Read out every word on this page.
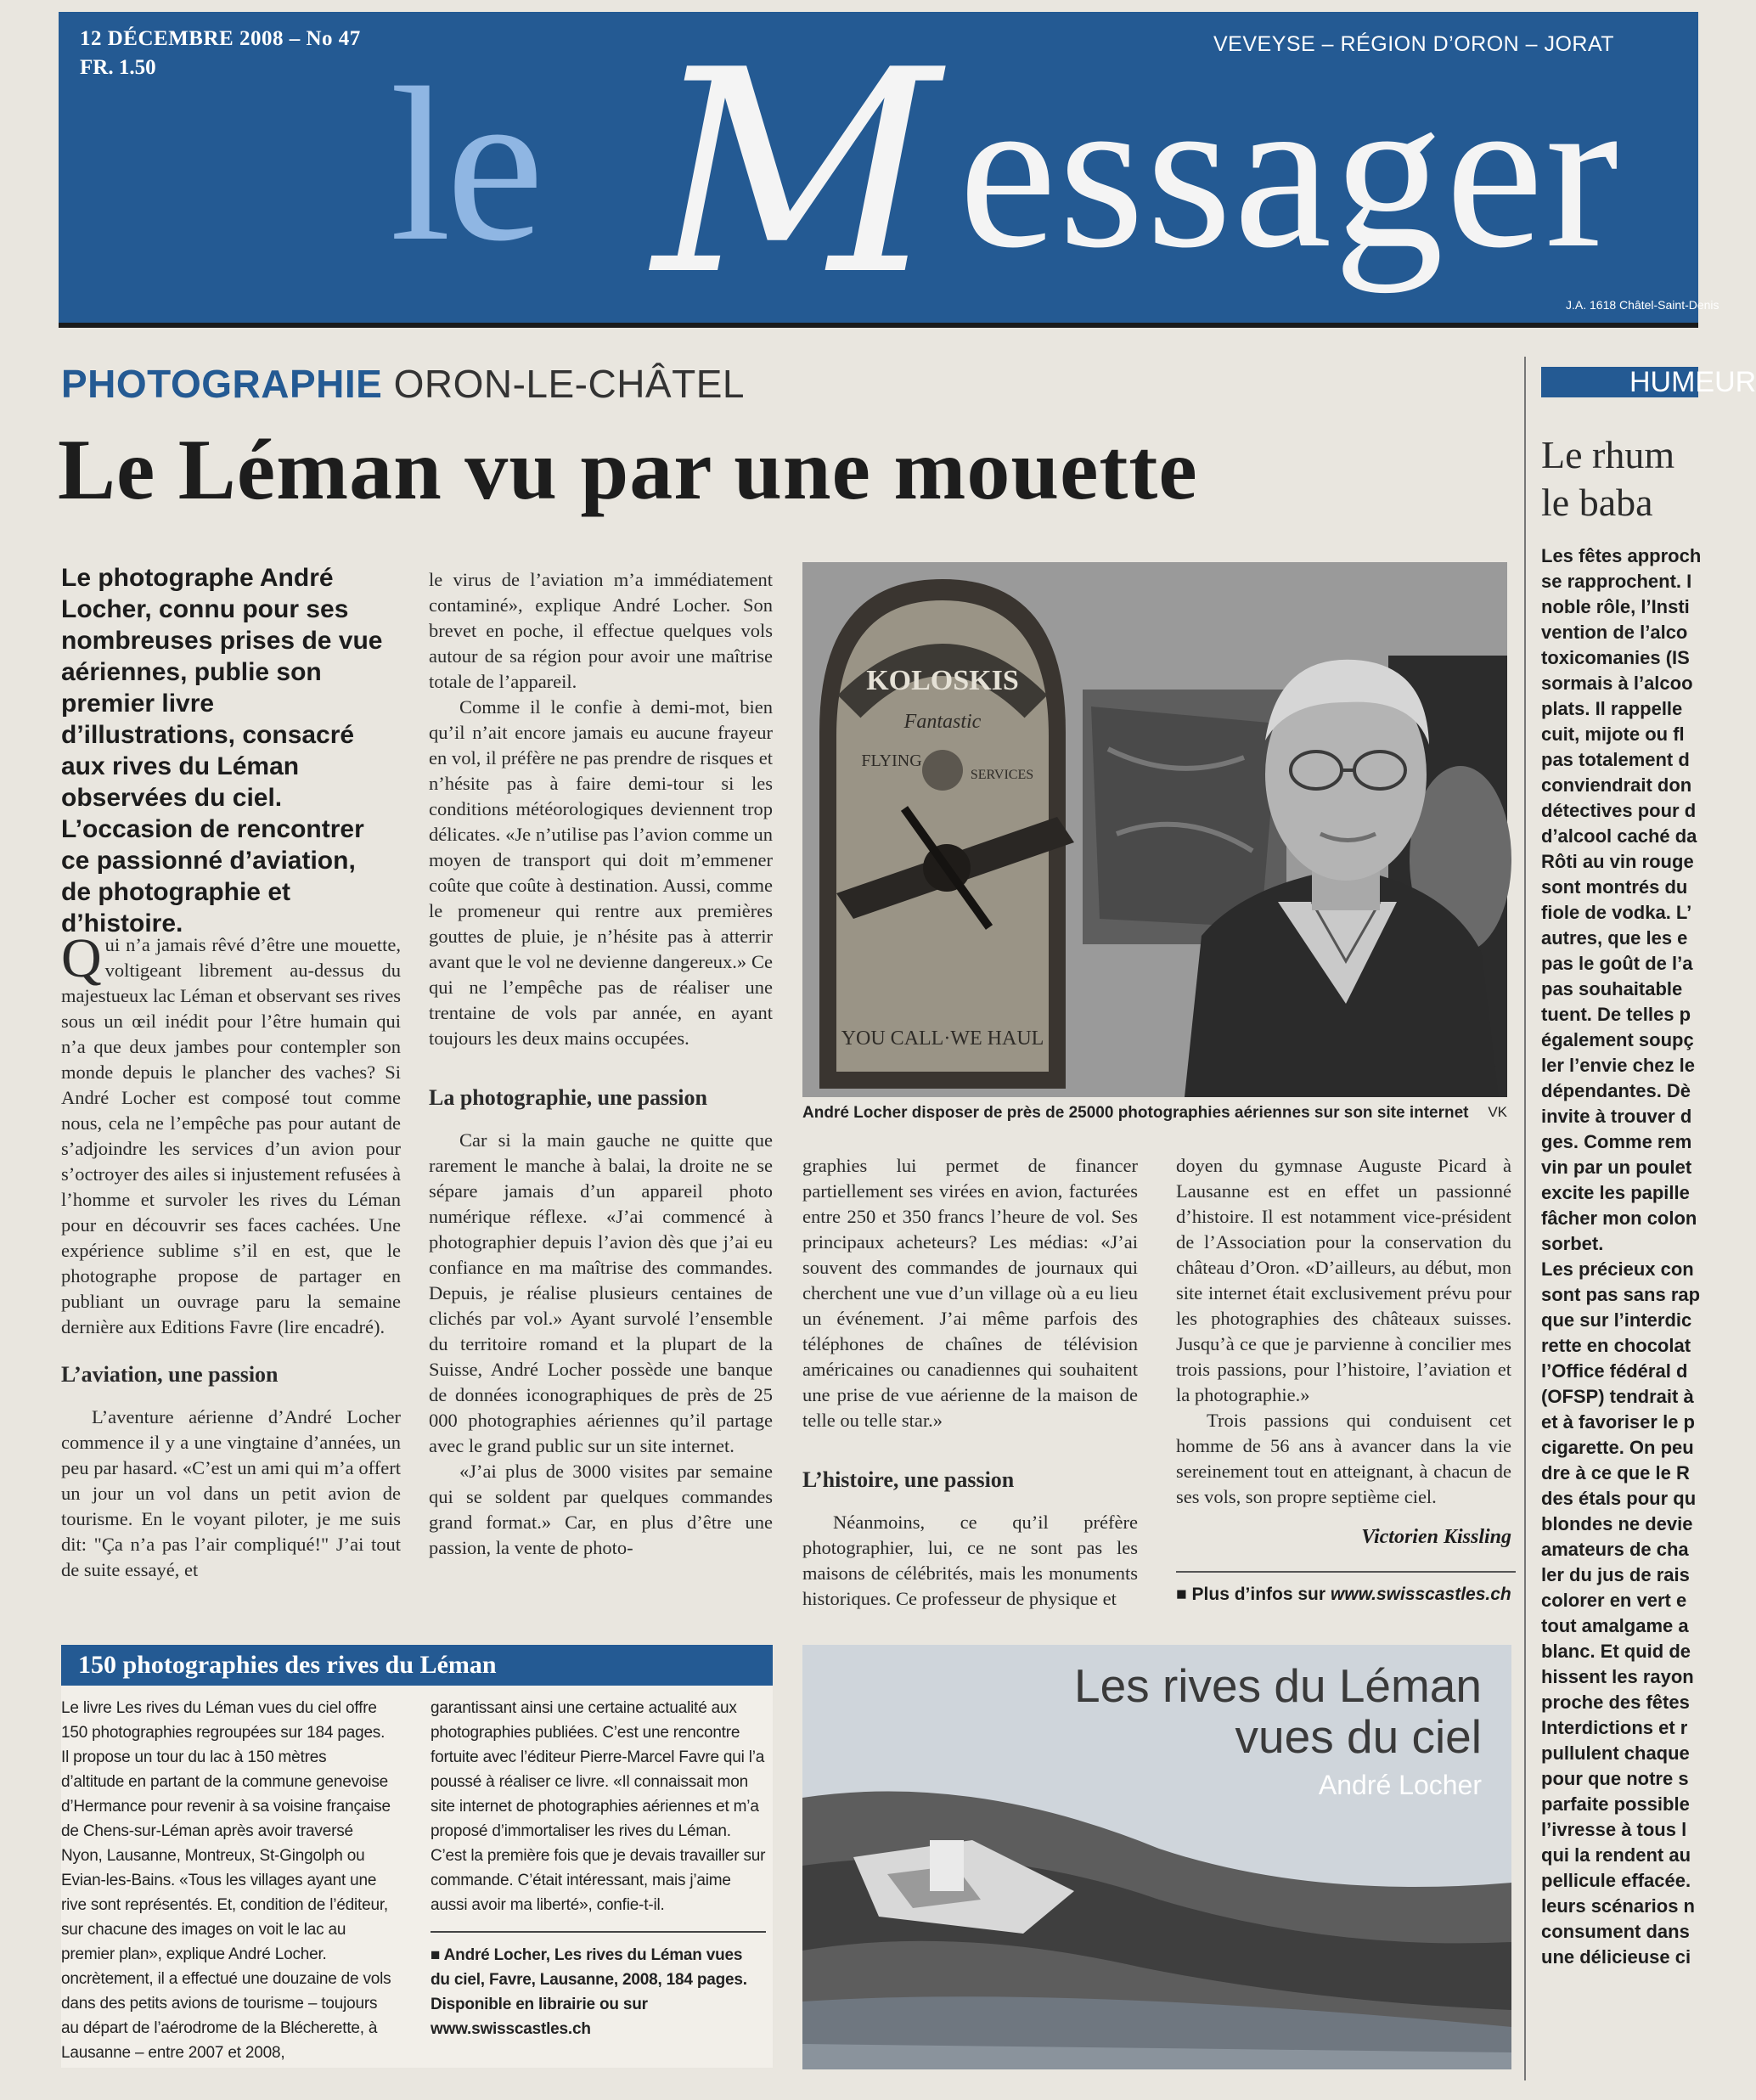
12 DÉCEMBRE 2008 – No 47
FR. 1.50
VEVEYSE – RÉGION D’ORON – JORAT
le M essager
J.A. 1618 Châtel-Saint-Denis
PHOTOGRAPHIE ORON-LE-CHÂTEL
Le Léman vu par une mouette
Le photographe André Locher, connu pour ses nombreuses prises de vue aériennes, publie son premier livre d’illustrations, consacré aux rives du Léman observées du ciel. L’occasion de rencontrer ce passionné d’aviation, de photographie et d’histoire.

Qui n’a jamais rêvé d’être une mouette, voltigeant librement au-dessus du majestueux lac Léman et observant ses rives sous un œil inédit pour l’être humain qui n’a que deux jambes pour contempler son monde depuis le plancher des vaches? Si André Locher est composé tout comme nous, cela ne l’empêche pas pour autant de s’adjoindre les services d’un avion pour s’octroyer des ailes si injustement refusées à l’homme et survoler les rives du Léman pour en découvrir ses faces cachées. Une expérience sublime s’il en est, que le photographe propose de partager en publiant un ouvrage paru la semaine dernière aux Editions Favre (lire encadré).

L’aviation, une passion

L’aventure aérienne d’André Locher commence il y a une vingtaine d’années, un peu par hasard. «C’est un ami qui m’a offert un jour un vol dans un petit avion de tourisme. En le voyant piloter, je me suis dit: "Ça n’a pas l’air compliqué!" J’ai tout de suite essayé, et

le virus de l’aviation m’a immédiatement contaminé», explique André Locher. Son brevet en poche, il effectue quelques vols autour de sa région pour avoir une maîtrise totale de l’appareil.

Comme il le confie à demi-mot, bien qu’il n’ait encore jamais eu aucune frayeur en vol, il préfère ne pas prendre de risques et n’hésite pas à faire demi-tour si les conditions météorologiques deviennent trop délicates. «Je n’utilise pas l’avion comme un moyen de transport qui doit m’emmener coûte que coûte à destination. Aussi, comme le promeneur qui rentre aux premières gouttes de pluie, je n’hésite pas à atterrir avant que le vol ne devienne dangereux.» Ce qui ne l’empêche pas de réaliser une trentaine de vols par année, en ayant toujours les deux mains occupées.

La photographie, une passion

Car si la main gauche ne quitte que rarement le manche à balai, la droite ne se sépare jamais d’un appareil photo numérique réflexe. «J’ai commencé à photographier depuis l’avion dès que j’ai eu confiance en ma maîtrise des commandes. Depuis, je réalise plusieurs centaines de clichés par vol.» Ayant survolé l’ensemble du territoire romand et la plupart de la Suisse, André Locher possède une banque de données iconographiques de près de 25 000 photographies aériennes qu’il partage avec le grand public sur un site internet.

«J’ai plus de 3000 visites par semaine qui se soldent par quelques commandes grand format.» Car, en plus d’être une passion, la vente de photo-

KOLOSKIS
Fantastic
FLYING
SERVICES
YOU CALL·WE HAUL
VK
André Locher disposer de près de 25000 photographies aériennes sur son site internet

graphies lui permet de financer partiellement ses virées en avion, facturées entre 250 et 350 francs l’heure de vol. Ses principaux acheteurs? Les médias: «J’ai souvent des commandes de journaux qui cherchent une vue d’un village où a eu lieu un événement. J’ai même parfois des téléphones de chaînes de télévision américaines ou canadiennes qui souhaitent une prise de vue aérienne de la maison de telle ou telle star.»

L’histoire, une passion

Néanmoins, ce qu’il préfère photographier, lui, ce ne sont pas les maisons de célébrités, mais les monuments historiques. Ce professeur de physique et

doyen du gymnase Auguste Picard à Lausanne est en effet un passionné d’histoire. Il est notamment vice-président de l’Association pour la conservation du château d’Oron. «D’ailleurs, au début, mon site internet était exclusivement prévu pour les photographies des châteaux suisses. Jusqu’à ce que je parvienne à concilier mes trois passions, pour l’histoire, l’aviation et la photographie.»

Trois passions qui conduisent cet homme de 56 ans à avancer dans la vie sereinement tout en atteignant, à chacun de ses vols, son propre septième ciel.

Victorien Kissling
■ Plus d’infos sur www.swisscastles.ch
150 photographies des rives du Léman
Le livre Les rives du Léman vues du ciel offre 150 photographies regroupées sur 184 pages. Il propose un tour du lac à 150 mètres d’altitude en partant de la commune genevoise d’Hermance pour revenir à sa voisine française de Chens-sur-Léman après avoir traversé Nyon, Lausanne, Montreux, St-Gingolph ou Evian-les-Bains. «Tous les villages ayant une rive sont représentés. Et, condition de l’éditeur, sur chacune des images on voit le lac au premier plan», explique André Locher. oncrètement, il a effectué une douzaine de vols dans des petits avions de tourisme – toujours au départ de l’aérodrome de la Blécherette, à Lausanne – entre 2007 et 2008,
garantissant ainsi une certaine actualité aux photographies publiées. C’est une rencontre fortuite avec l’éditeur Pierre-Marcel Favre qui l’a poussé à réaliser ce livre. «Il connaissait mon site internet de photographies aériennes et m’a proposé d’immortaliser les rives du Léman. C’est la première fois que je devais travailler sur commande. C’était intéressant, mais j’aime aussi avoir ma liberté», confie-t-il.
■ André Locher, Les rives du Léman vues du ciel, Favre, Lausanne, 2008, 184 pages. Disponible en librairie ou sur www.swisscastles.ch
Les rives du Léman
vues du ciel
André Locher
HUMEUR
Le rhum
le baba
Les fêtes approch
se rapprochent. I
noble rôle, l’Insti
vention de l’alco
toxicomanies (IS
sormais à l’alcoo
plats. Il rappelle
cuit, mijote ou fl
pas totalement d
conviendrait don
détectives pour d
d’alcool caché da
Rôti au vin rouge
sont montrés du
fiole de vodka. L’
autres, que les e
pas le goût de l’a
pas souhaitable
tuent. De telles p
également soupç
ler l’envie chez le
dépendantes. Dè
invite à trouver d
ges. Comme rem
vin par un poulet
excite les papille
fâcher mon colon
sorbet.
Les précieux con
sont pas sans rap
que sur l’interdic
rette en chocolat
l’Office fédéral d
(OFSP) tendrait à
et à favoriser le p
cigarette. On peu
dre à ce que le R
des étals pour qu
blondes ne devie
amateurs de cha
ler du jus de rais
colorer en vert e
tout amalgame a
blanc. Et quid de
hissent les rayon
proche des fêtes
Interdictions et r
pullulent chaque
pour que notre s
parfaite possible
l’ivresse à tous l
qui la rendent au
pellicule effacée.
leurs scénarios n
consument dans
une délicieuse ci
